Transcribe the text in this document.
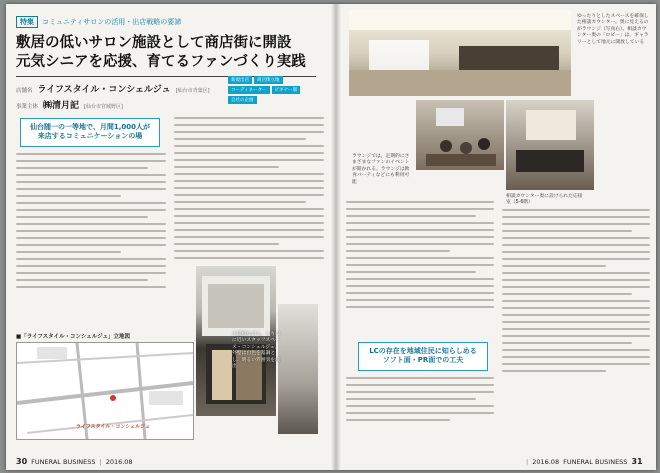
特集	コミュニティサロンの活用・出店戦略の要諦
敷居の低いサロン施設として商店街に開設
元気シニアを応援、育てるファンづくり実践
店舗名 ライフスタイル・コンシェルジュ [仙台市青葉区]
事業主体 ㈱清月記 [仙台市宮城野区]
新規出店	商店街立地
コーディネーター	ビギナー層
自社の企画
仙台随一の一等地で、月間1,000人が
来店するコミュニケーションの場
小規模ながら、入り口に近いスタッフスペース・コンシェルジュ。外壁は白色を基調とし、明るい雰囲気を演出
■「ライフスタイル・コンシェルジュ」立地図
ライフスタイル・コンシェルジュ
30 FUNERAL BUSINESS | 2016.08
ゆったりとしたスペースを確保した相談カウンター。奥に見えるのがラウンジ（写真右）。相談カウンター奥の「ロビー」は、ギャラリーとして地元に開放している
ラウンジでは、定期的にさまざまなファンのイベントが開かれる。ラウンジは飲食パーティなどにも利用可能
相談カウンター奥に設けられた応接室（5-6階）
LCの存在を地域住民に知らしめる
ソフト面・PR面での工夫
| 2016.08 FUNERAL BUSINESS 31
